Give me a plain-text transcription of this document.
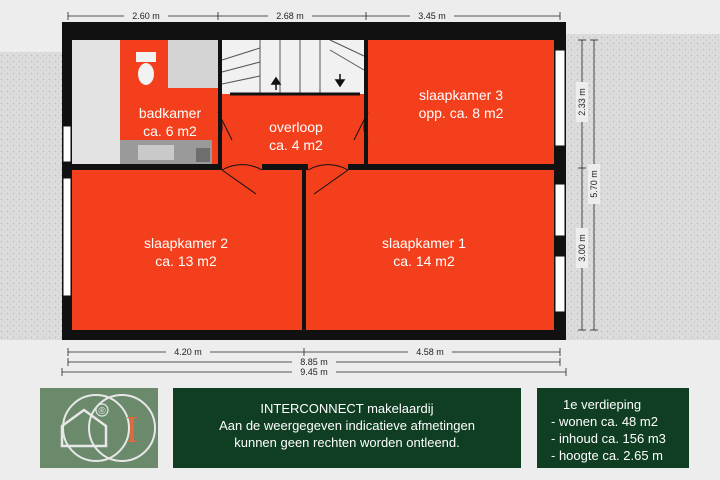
2.60 m	2.68 m	3.45 m
4.20 m	4.58 m
8.85 m
9.45 m
2.33 m
3.00 m
5.70 m
badkamer
ca. 6 m2	overloop
ca. 4 m2
slaapkamer 3
opp. ca. 8 m2
slaapkamer 2
ca. 13 m2
slaapkamer 1
ca. 14 m2
® I
INTERCONNECT makelaardij
Aan de weergegeven indicatieve afmetingen
kunnen geen rechten worden ontleend.
1e verdieping
- wonen ca. 48 m2
- inhoud ca. 156 m3
- hoogte ca. 2.65 m
